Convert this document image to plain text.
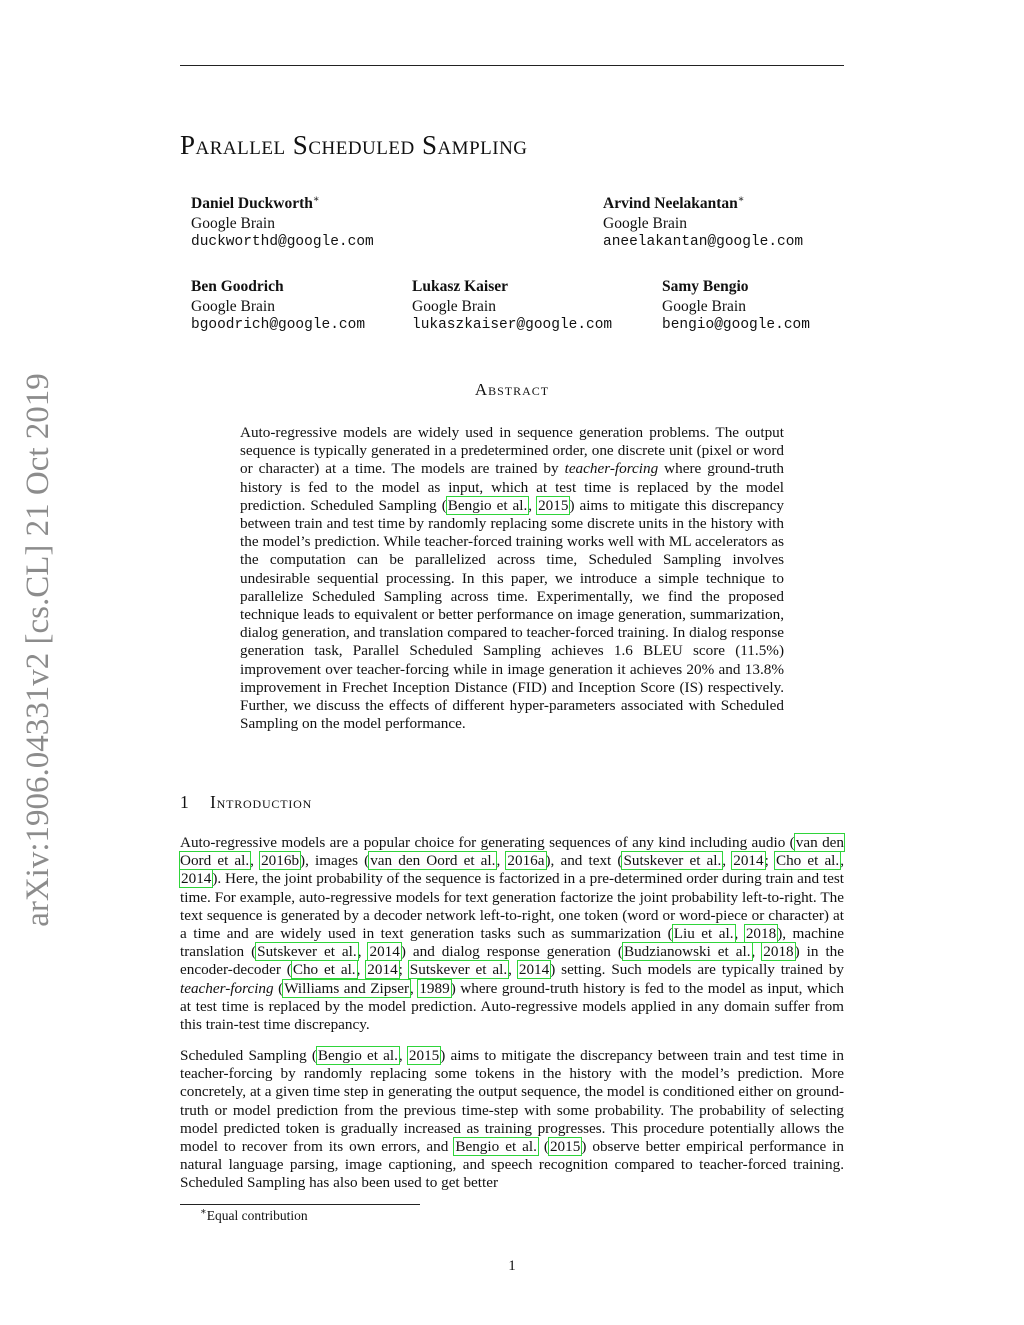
arXiv:1906.04331v2 [cs.CL] 21 Oct 2019
Parallel Scheduled Sampling
Daniel Duckworth∗
Google Brain
duckworthd@google.com
Arvind Neelakantan∗
Google Brain
aneelakantan@google.com
Ben Goodrich
Google Brain
bgoodrich@google.com
Lukasz Kaiser
Google Brain
lukaszkaiser@google.com
Samy Bengio
Google Brain
bengio@google.com
Abstract
Auto-regressive models are widely used in sequence generation problems. The output sequence is typically generated in a predetermined order, one discrete unit (pixel or word or character) at a time. The models are trained by teacher-forcing where ground-truth history is fed to the model as input, which at test time is replaced by the model prediction. Scheduled Sampling (Bengio et al., 2015) aims to mitigate this discrepancy between train and test time by randomly replacing some discrete units in the history with the model’s prediction. While teacher-forced training works well with ML accelerators as the computation can be parallelized across time, Scheduled Sampling involves undesirable sequential processing. In this paper, we introduce a simple technique to parallelize Scheduled Sampling across time. Experimentally, we find the proposed technique leads to equivalent or better performance on image generation, summarization, dialog generation, and translation compared to teacher-forced training. In dialog response generation task, Parallel Scheduled Sampling achieves 1.6 BLEU score (11.5%) improvement over teacher-forcing while in image generation it achieves 20% and 13.8% improvement in Frechet Inception Distance (FID) and Inception Score (IS) respectively. Further, we discuss the effects of different hyper-parameters associated with Scheduled Sampling on the model performance.
1 Introduction
Auto-regressive models are a popular choice for generating sequences of any kind including audio (van den Oord et al., 2016b), images (van den Oord et al., 2016a), and text (Sutskever et al., 2014; Cho et al., 2014). Here, the joint probability of the sequence is factorized in a pre-determined order during train and test time. For example, auto-regressive models for text generation factorize the joint probability left-to-right. The text sequence is generated by a decoder network left-to-right, one token (word or word-piece or character) at a time and are widely used in text generation tasks such as summarization (Liu et al., 2018), machine translation (Sutskever et al., 2014) and dialog response generation (Budzianowski et al., 2018) in the encoder-decoder (Cho et al., 2014; Sutskever et al., 2014) setting. Such models are typically trained by teacher-forcing (Williams and Zipser, 1989) where ground-truth history is fed to the model as input, which at test time is replaced by the model prediction. Auto-regressive models applied in any domain suffer from this train-test time discrepancy.
Scheduled Sampling (Bengio et al., 2015) aims to mitigate the discrepancy between train and test time in teacher-forcing by randomly replacing some tokens in the history with the model’s prediction. More concretely, at a given time step in generating the output sequence, the model is conditioned either on ground-truth or model prediction from the previous time-step with some probability. The probability of selecting model predicted token is gradually increased as training progresses. This procedure potentially allows the model to recover from its own errors, and Bengio et al. (2015) observe better empirical performance in natural language parsing, image captioning, and speech recognition compared to teacher-forced training. Scheduled Sampling has also been used to get better
∗Equal contribution
1
